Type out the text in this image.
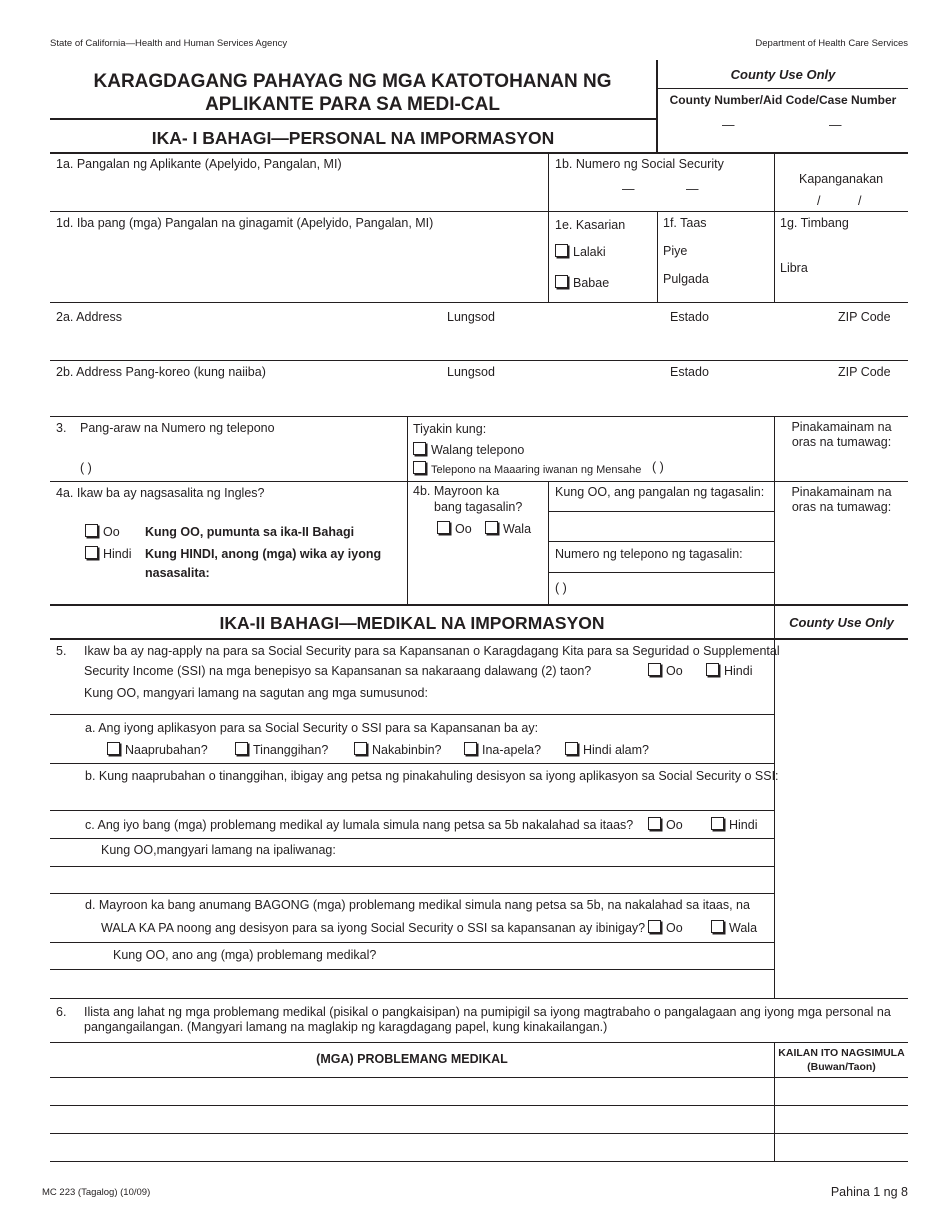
State of California—Health and Human Services Agency	Department of Health Care Services
KARAGDAGANG PAHAYAG NG MGA KATOTOHANAN NG
APLIKANTE PARA SA MEDI-CAL
County Use Only
County Number/Aid Code/Case Number
—	—
IKA- I BAHAGI—PERSONAL NA IMPORMASYON
1a. Pangalan ng Aplikante (Apelyido, Pangalan, MI)	1b. Numero ng Social Security
—	—
Kapanganakan
/	/
1d. Iba pang (mga) Pangalan na ginagamit (Apelyido, Pangalan, MI)	1e. Kasarian
Lalaki
Babae
1f. Taas
Piye
Pulgada
1g. Timbang
Libra
2a. Address	Lungsod	Estado	ZIP Code
2b. Address Pang-koreo (kung naiiba)	Lungsod	Estado	ZIP Code
3. Pang-araw na Numero ng telepono
( )
Tiyakin kung:
Walang telepono
Telepono na Maaaring iwanan ng Mensahe ( )
Pinakamainam na
oras na tumawag:
4a. Ikaw ba ay nagsasalita ng Ingles?
Oo Kung OO, pumunta sa ika-II Bahagi
Hindi Kung HINDI, anong (mga) wika ay iyong
nasasalita:
4b. Mayroon ka
bang tagasalin?
Oo	Wala
Kung OO, ang pangalan ng tagasalin:
Numero ng telepono ng tagasalin:
( )
Pinakamainam na
oras na tumawag:
IKA-II BAHAGI—MEDIKAL NA IMPORMASYON	County Use Only
5. Ikaw ba ay nag-apply na para sa Social Security para sa Kapansanan o Karagdagang Kita para sa Seguridad o Supplemental
Security Income (SSI) na mga benepisyo sa Kapansanan sa nakaraang dalawang (2) taon?	Oo	Hindi
Kung OO, mangyari lamang na sagutan ang mga sumusunod:
a. Ang iyong aplikasyon para sa Social Security o SSI para sa Kapansanan ba ay:
Naaprubahan?	Tinanggihan?	Nakabinbin?	Ina-apela?	Hindi alam?
b. Kung naaprubahan o tinanggihan, ibigay ang petsa ng pinakahuling desisyon sa iyong aplikasyon sa Social Security o SSI:
c. Ang iyo bang (mga) problemang medikal ay lumala simula nang petsa sa 5b nakalahad sa itaas?	Oo	Hindi
Kung OO,mangyari lamang na ipaliwanag:
d. Mayroon ka bang anumang BAGONG (mga) problemang medikal simula nang petsa sa 5b, na nakalahad sa itaas, na
WALA KA PA noong ang desisyon para sa iyong Social Security o SSI sa kapansanan ay ibinigay?	Oo	Wala
Kung OO, ano ang (mga) problemang medikal?
6. Ilista ang lahat ng mga problemang medikal (pisikal o pangkaisipan) na pumipigil sa iyong magtrabaho o pangalagaan ang iyong mga personal na
pangangailangan. (Mangyari lamang na maglakip ng karagdagang papel, kung kinakailangan.)
(MGA) PROBLEMANG MEDIKAL	KAILAN ITO NAGSIMULA
(Buwan/Taon)
MC 223 (Tagalog) (10/09)	Pahina 1 ng 8
